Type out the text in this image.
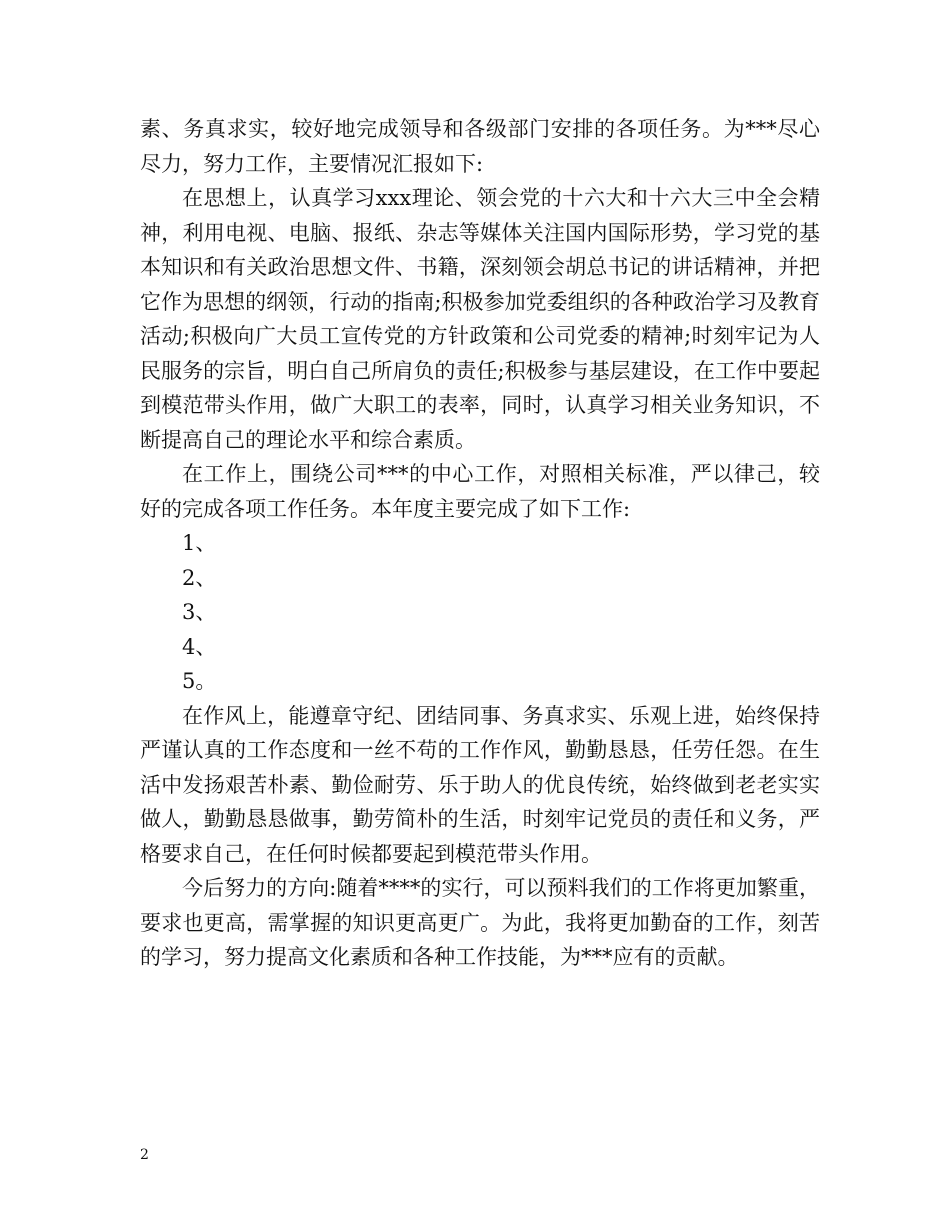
素、务真求实，较好地完成领导和各级部门安排的各项任务。为***尽心尽力，努力工作，主要情况汇报如下:

在思想上，认真学习xxx理论、领会党的十六大和十六大三中全会精神，利用电视、电脑、报纸、杂志等媒体关注国内国际形势，学习党的基本知识和有关政治思想文件、书籍，深刻领会胡总书记的讲话精神，并把它作为思想的纲领，行动的指南;积极参加党委组织的各种政治学习及教育活动;积极向广大员工宣传党的方针政策和公司党委的精神;时刻牢记为人民服务的宗旨，明白自己所肩负的责任;积极参与基层建设，在工作中要起到模范带头作用，做广大职工的表率，同时，认真学习相关业务知识，不断提高自己的理论水平和综合素质。

在工作上，围绕公司***的中心工作，对照相关标准，严以律己，较好的完成各项工作任务。本年度主要完成了如下工作:

1、

2、

3、

4、

5。

在作风上，能遵章守纪、团结同事、务真求实、乐观上进，始终保持严谨认真的工作态度和一丝不苟的工作作风，勤勤恳恳，任劳任怨。在生活中发扬艰苦朴素、勤俭耐劳、乐于助人的优良传统，始终做到老老实实做人，勤勤恳恳做事，勤劳简朴的生活，时刻牢记党员的责任和义务，严格要求自己，在任何时候都要起到模范带头作用。

今后努力的方向:随着****的实行，可以预料我们的工作将更加繁重，要求也更高，需掌握的知识更高更广。为此，我将更加勤奋的工作，刻苦的学习，努力提高文化素质和各种工作技能，为***应有的贡献。

2
